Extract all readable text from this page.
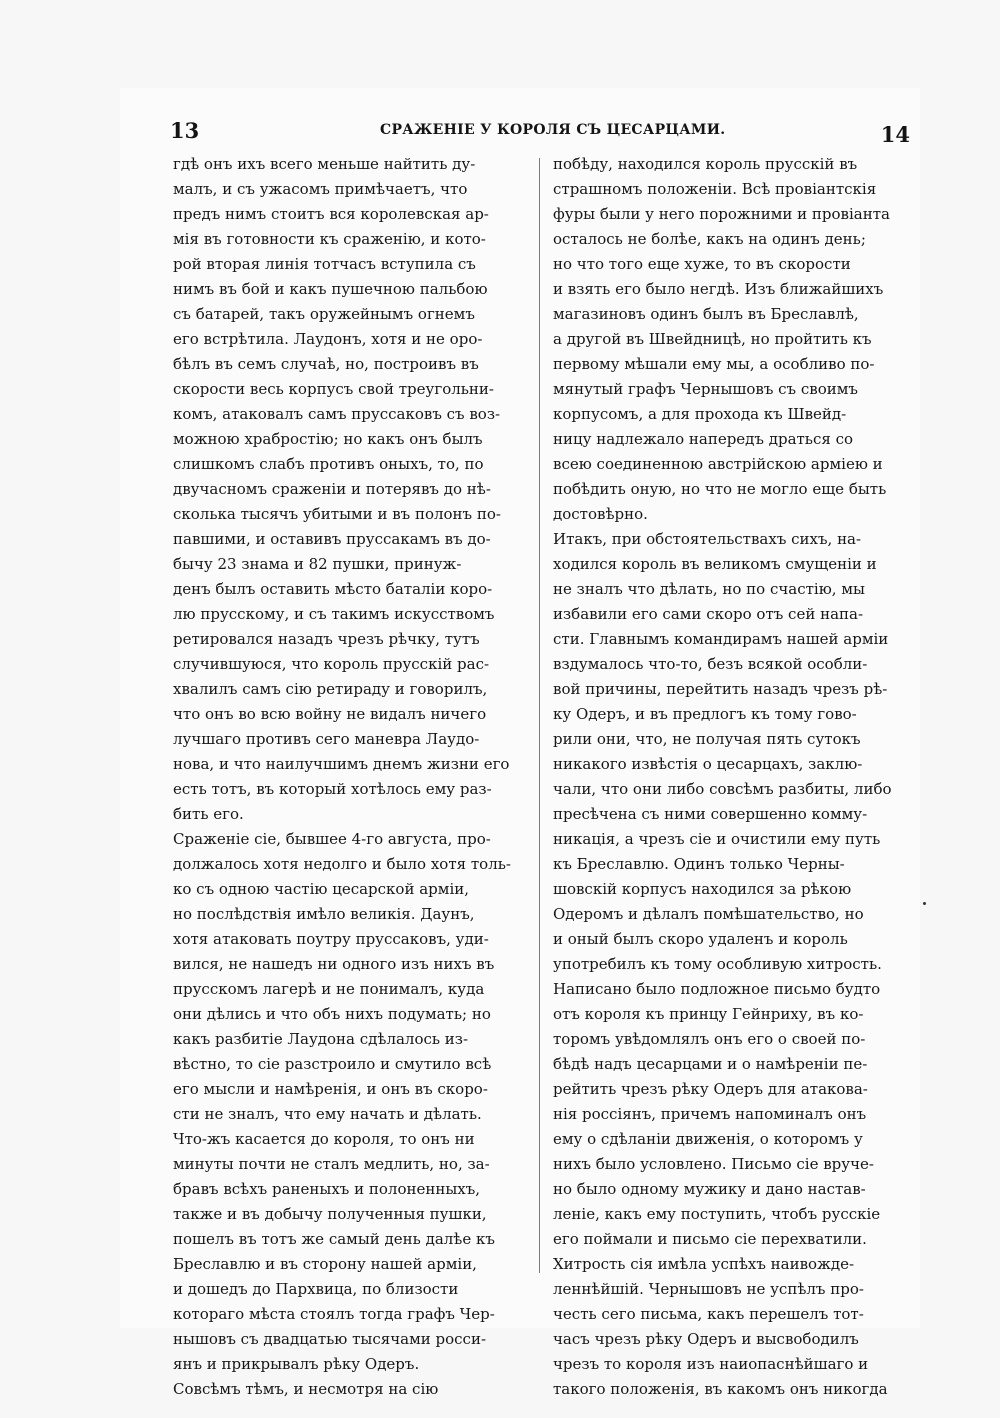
13	СРАЖЕНІЕ У КОРОЛЯ СЪ ЦЕСАРЦАМИ.	14
гдѣ онъ ихъ всего меньше найтить ду-
малъ, и съ ужасомъ примѣчаетъ, что
предъ нимъ стоитъ вся королевская ар-
мія въ готовности къ сраженію, и кото-
рой вторая линія тотчасъ вступила съ
нимъ въ бой и какъ пушечною пальбою
съ батарей, такъ оружейнымъ огнемъ
его встрѣтила. Лаудонъ, хотя и не оро-
бѣлъ въ семъ случаѣ, но, построивъ въ
скорости весь корпусъ свой треугольни-
комъ, атаковалъ самъ пруссаковъ съ воз-
можною храбростію; но какъ онъ былъ
слишкомъ слабъ противъ оныхъ, то, по
двучасномъ сраженіи и потерявъ до нѣ-
сколька тысячъ убитыми и въ полонъ по-
павшими, и оставивъ пруссакамъ въ до-
бычу 23 знама и 82 пушки, принуж-
денъ былъ оставить мѣсто баталіи коро-
лю прусскому, и съ такимъ искусствомъ
ретировался назадъ чрезъ рѣчку, тутъ
случившуюся, что король прусскій рас-
хвалилъ самъ сію ретираду и говорилъ,
что онъ во всю войну не видалъ ничего
лучшаго противъ сего маневра Лаудо-
нова, и что наилучшимъ днемъ жизни его
есть тотъ, въ который хотѣлось ему раз-
бить его.
Сраженіе сіе, бывшее 4-го августа, про-
должалось хотя недолго и было хотя толь-
ко съ одною частію цесарской арміи,
но послѣдствія имѣло великія. Даунъ,
хотя атаковать поутру пруссаковъ, уди-
вился, не нашедъ ни одного изъ нихъ въ
прусскомъ лагерѣ и не понималъ, куда
они дѣлись и что объ нихъ подумать; но
какъ разбитіе Лаудона сдѣлалось из-
вѣстно, то сіе разстроило и смутило всѣ
его мысли и намѣренія, и онъ въ скоро-
сти не зналъ, что ему начать и дѣлать.
Что-жъ касается до короля, то онъ ни
минуты почти не сталъ медлить, но, за-
бравъ всѣхъ раненыхъ и полоненныхъ,
также и въ добычу полученныя пушки,
пошелъ въ тотъ же самый день далѣе къ
Бреславлю и въ сторону нашей арміи,
и дошедъ до Пархвица, по близости
котораго мѣста стоялъ тогда графъ Чер-
нышовъ съ двадцатью тысячами росси-
янъ и прикрывалъ рѣку Одеръ.
Совсѣмъ тѣмъ, и несмотря на сію
побѣду, находился король прусскій въ
страшномъ положеніи. Всѣ провіантскія
фуры были у него порожними и провіанта
осталось не болѣе, какъ на одинъ день;
но что того еще хуже, то въ скорости
и взять его было негдѣ. Изъ ближайшихъ
магазиновъ одинъ былъ въ Бреславлѣ,
а другой въ Швейдницѣ, но пройтить къ
первому мѣшали ему мы, а особливо по-
мянутый графъ Чернышовъ съ своимъ
корпусомъ, а для прохода къ Швейд-
ницу надлежало напередъ драться со
всею соединенною австрійскою арміею и
побѣдить оную, но что не могло еще быть
достовѣрно.
Итакъ, при обстоятельствахъ сихъ, на-
ходился король въ великомъ смущеніи и
не зналъ что дѣлать, но по счастію, мы
избавили его сами скоро отъ сей напа-
сти. Главнымъ командирамъ нашей арміи
вздумалось что-то, безъ всякой особли-
вой причины, перейтить назадъ чрезъ рѣ-
ку Одеръ, и въ предлогъ къ тому гово-
рили они, что, не получая пять сутокъ
никакого извѣстія о цесарцахъ, заклю-
чали, что они либо совсѣмъ разбиты, либо
пресѣчена съ ними совершенно комму-
никація, а чрезъ сіе и очистили ему путь
къ Бреславлю. Одинъ только Черны-
шовскій корпусъ находился за рѣкою
Одеромъ и дѣлалъ помѣшательство, но
и оный былъ скоро удаленъ и король
употребилъ къ тому особливую хитрость.
Написано было подложное письмо будто
отъ короля къ принцу Гейнриху, въ ко-
торомъ увѣдомлялъ онъ его о своей по-
бѣдѣ надъ цесарцами и о намѣреніи пе-
рейтить чрезъ рѣку Одеръ для атакова-
нія россіянъ, причемъ напоминалъ онъ
ему о сдѣланіи движенія, о которомъ у
нихъ было условлено. Письмо сіе вруче-
но было одному мужику и дано настав-
леніе, какъ ему поступить, чтобъ русскіе
его поймали и письмо сіе перехватили.
Хитрость сія имѣла успѣхъ наивожде-
леннѣйшій. Чернышовъ не успѣлъ про-
честь сего письма, какъ перешелъ тот-
часъ чрезъ рѣку Одеръ и высвободилъ
чрезъ то короля изъ наиопаснѣйшаго и
такого положенія, въ какомъ онъ никогда
